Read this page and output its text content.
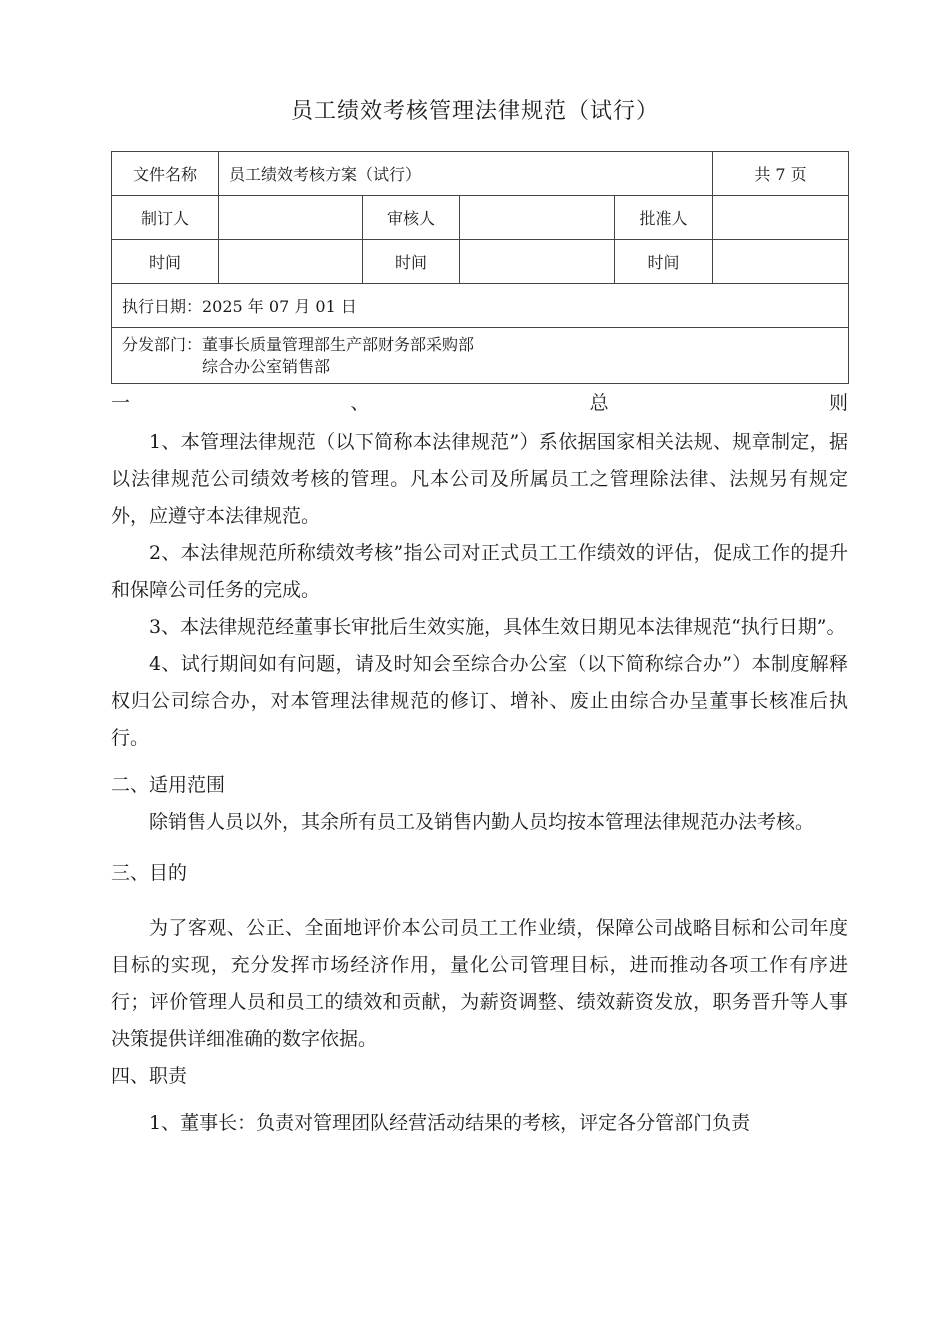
员工绩效考核管理法律规范（试行）
文件名称	员工绩效考核方案（试行）				共 7 页
制订人		审核人		批准人	
时间		时间		时间	
执行日期：2025 年 07 月 01 日					

分发部门： 董事长质量管理部生产部财务部采购部
综合办公室销售部					
一	、	总	则

1、本管理法律规范（以下简称本法律规范”）系依据国家相关法规、规章制定，据以法律规范公司绩效考核的管理。凡本公司及所属员工之管理除法律、法规另有规定外，应遵守本法律规范。

2、本法律规范所称绩效考核”指公司对正式员工工作绩效的评估，促成工作的提升和保障公司任务的完成。

3、本法律规范经董事长审批后生效实施，具体生效日期见本法律规范“执行日期”。

4、试行期间如有问题，请及时知会至综合办公室（以下简称综合办”）本制度解释权归公司综合办，对本管理法律规范的修订、增补、废止由综合办呈董事长核准后执行。

二、适用范围

除销售人员以外，其余所有员工及销售内勤人员均按本管理法律规范办法考核。

三、目的

为了客观、公正、全面地评价本公司员工工作业绩，保障公司战略目标和公司年度目标的实现，充分发挥市场经济作用，量化公司管理目标，进而推动各项工作有序进行；评价管理人员和员工的绩效和贡献，为薪资调整、绩效薪资发放，职务晋升等人事决策提供详细准确的数字依据。

四、职责

1、董事长：负责对管理团队经营活动结果的考核，评定各分管部门负责
